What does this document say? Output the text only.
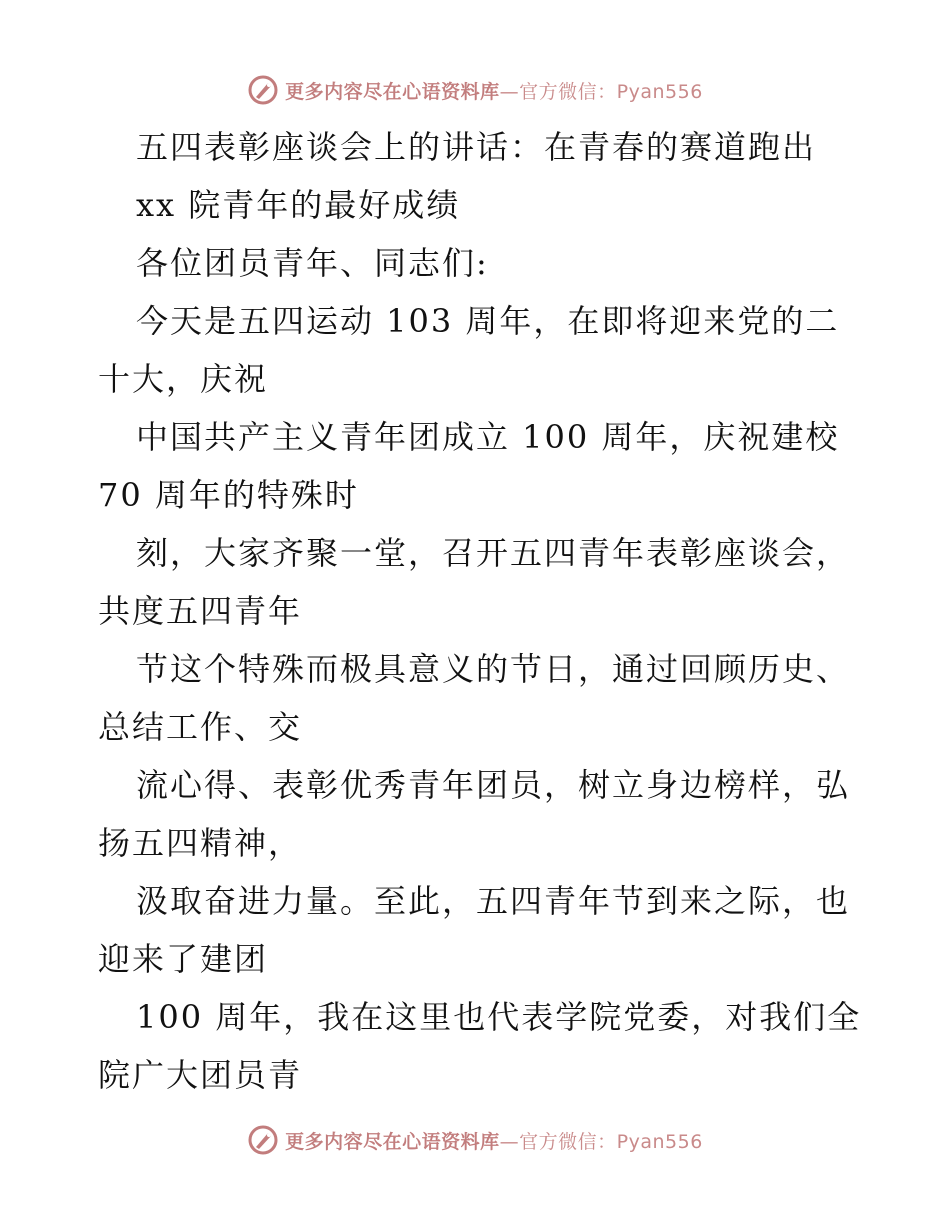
更多内容尽在心语资料库—官方微信：Pyan556
五四表彰座谈会上的讲话：在青春的赛道跑出
xx 院青年的最好成绩
各位团员青年、同志们:
今天是五四运动 103 周年，在即将迎来党的二
十大，庆祝
中国共产主义青年团成立 100 周年，庆祝建校
70 周年的特殊时
刻，大家齐聚一堂，召开五四青年表彰座谈会，
共度五四青年
节这个特殊而极具意义的节日，通过回顾历史、
总结工作、交
流心得、表彰优秀青年团员，树立身边榜样，弘
扬五四精神，
汲取奋进力量。至此，五四青年节到来之际，也
迎来了建团
100 周年，我在这里也代表学院党委，对我们全
院广大团员青
更多内容尽在心语资料库—官方微信：Pyan556
